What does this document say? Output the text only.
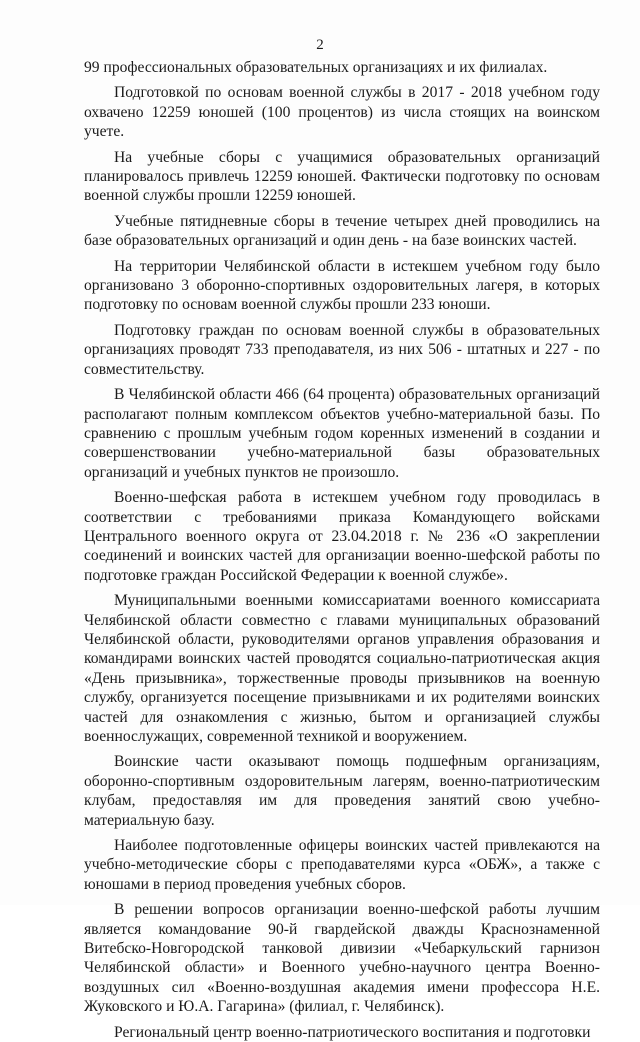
2

99 профессиональных образовательных организациях и их филиалах.

Подготовкой по основам военной службы в 2017 - 2018 учебном году охвачено 12259 юношей (100 процентов) из числа стоящих на воинском учете.

На учебные сборы с учащимися образовательных организаций планировалось привлечь 12259 юношей. Фактически подготовку по основам военной службы прошли 12259 юношей.

Учебные пятидневные сборы в течение четырех дней проводились на базе образовательных организаций и один день - на базе воинских частей.

На территории Челябинской области в истекшем учебном году было организовано 3 оборонно-спортивных оздоровительных лагеря, в которых подготовку по основам военной службы прошли 233 юноши.

Подготовку граждан по основам военной службы в образовательных организациях проводят 733 преподавателя, из них 506 - штатных и 227 - по совместительству.

В Челябинской области 466 (64 процента) образовательных организаций располагают полным комплексом объектов учебно-материальной базы. По сравнению с прошлым учебным годом коренных изменений в создании и совершенствовании учебно-материальной базы образовательных организаций и учебных пунктов не произошло.

Военно-шефская работа в истекшем учебном году проводилась в соответствии с требованиями приказа Командующего войсками Центрального военного округа от 23.04.2018 г. № 236 «О закреплении соединений и воинских частей для организации военно-шефской работы по подготовке граждан Российской Федерации к военной службе».

Муниципальными военными комиссариатами военного комиссариата Челябинской области совместно с главами муниципальных образований Челябинской области, руководителями органов управления образования и командирами воинских частей проводятся социально-патриотическая акция «День призывника», торжественные проводы призывников на военную службу, организуется посещение призывниками и их родителями воинских частей для ознакомления с жизнью, бытом и организацией службы военнослужащих, современной техникой и вооружением.

Воинские части оказывают помощь подшефным организациям, оборонно-спортивным оздоровительным лагерям, военно-патриотическим клубам, предоставляя им для проведения занятий свою учебно-материальную базу.

Наиболее подготовленные офицеры воинских частей привлекаются на учебно-методические сборы с преподавателями курса «ОБЖ», а также с юношами в период проведения учебных сборов.

В решении вопросов организации военно-шефской работы лучшим является командование 90-й гвардейской дважды Краснознаменной Витебско-Новгородской танковой дивизии «Чебаркульский гарнизон Челябинской области» и Военного учебно-научного центра Военно-воздушных сил «Военно-воздушная академия имени профессора Н.Е. Жуковского и Ю.А. Гагарина» (филиал, г. Челябинск).

Региональный центр военно-патриотического воспитания и подготовки
